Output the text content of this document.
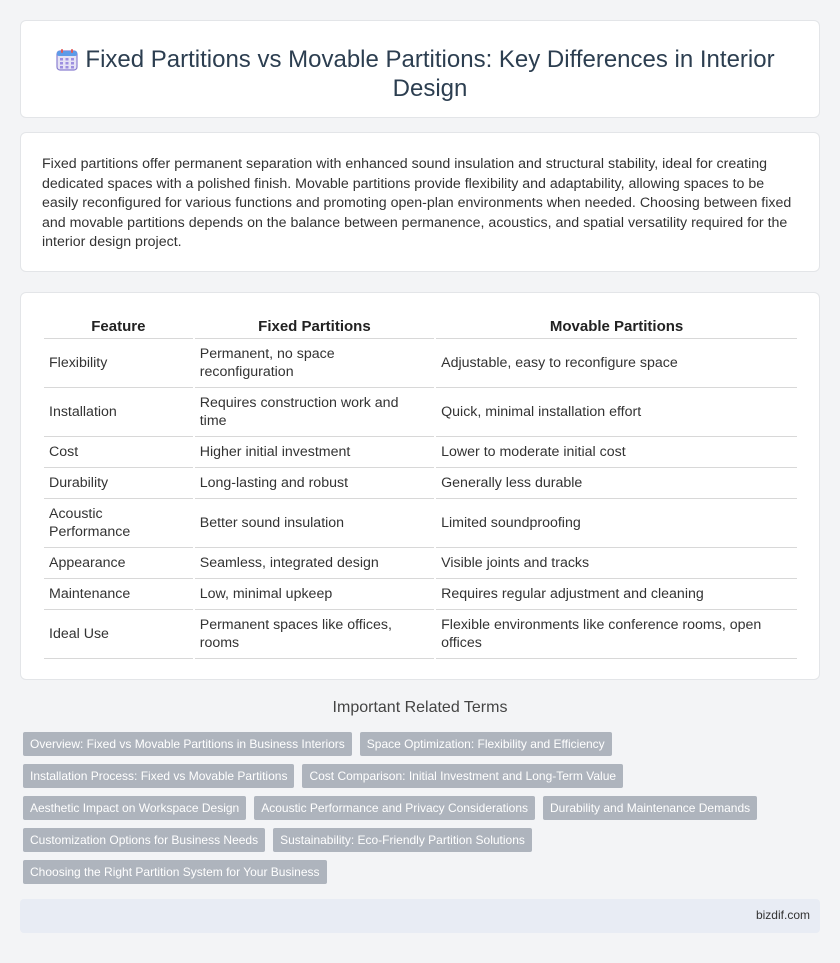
Fixed Partitions vs Movable Partitions: Key Differences in Interior Design

Fixed partitions offer permanent separation with enhanced sound insulation and structural stability, ideal for creating dedicated spaces with a polished finish. Movable partitions provide flexibility and adaptability, allowing spaces to be easily reconfigured for various functions and promoting open-plan environments when needed. Choosing between fixed and movable partitions depends on the balance between permanence, acoustics, and spatial versatility required for the interior design project.

Feature	Fixed Partitions	Movable Partitions
Flexibility	Permanent, no space reconfiguration	Adjustable, easy to reconfigure space
Installation	Requires construction work and time	Quick, minimal installation effort
Cost	Higher initial investment	Lower to moderate initial cost
Durability	Long-lasting and robust	Generally less durable
Acoustic Performance	Better sound insulation	Limited soundproofing
Appearance	Seamless, integrated design	Visible joints and tracks
Maintenance	Low, minimal upkeep	Requires regular adjustment and cleaning
Ideal Use	Permanent spaces like offices, rooms	Flexible environments like conference rooms, open offices
Important Related Terms
Overview: Fixed vs Movable Partitions in Business Interiors	Space Optimization: Flexibility and Efficiency
Installation Process: Fixed vs Movable Partitions	Cost Comparison: Initial Investment and Long-Term Value
Aesthetic Impact on Workspace Design	Acoustic Performance and Privacy Considerations	Durability and Maintenance Demands
Customization Options for Business Needs	Sustainability: Eco-Friendly Partition Solutions
Choosing the Right Partition System for Your Business
bizdif.com
